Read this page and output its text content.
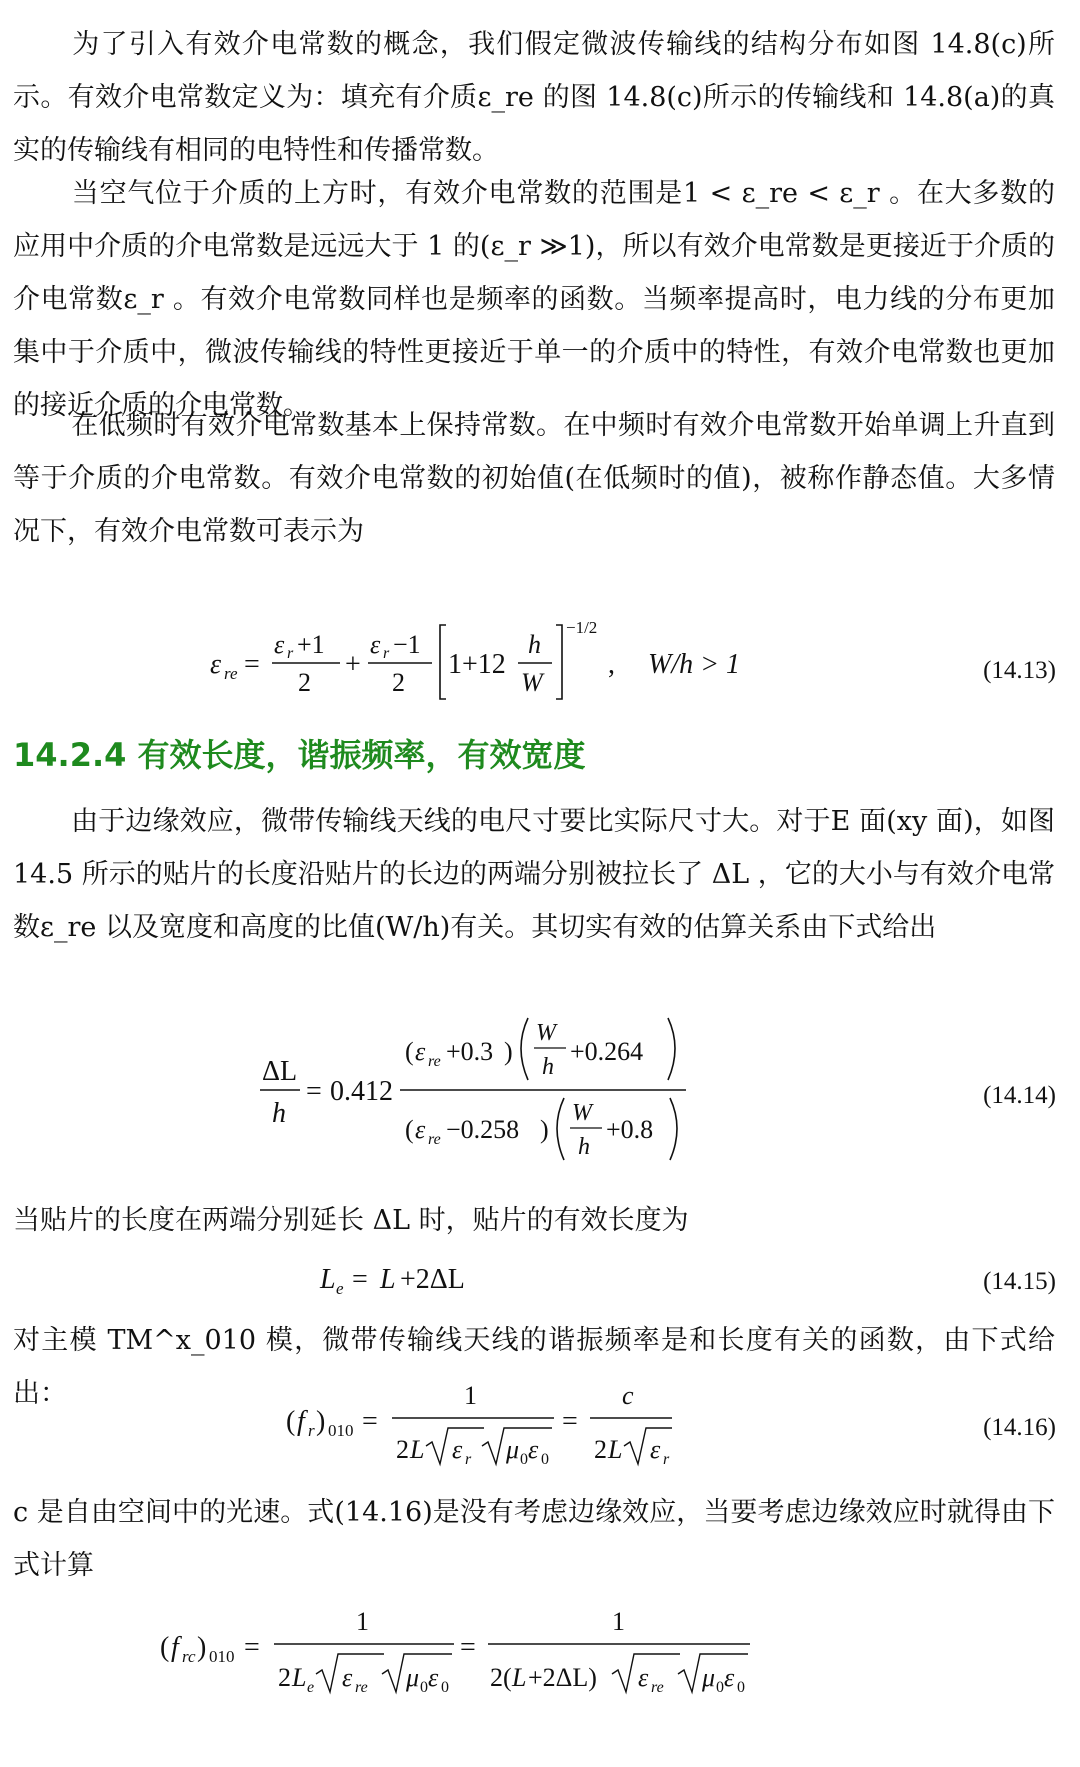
为了引入有效介电常数的概念，我们假定微波传输线的结构分布如图 14.8(c)所示。有效介电常数定义为：填充有介质ε_re 的图 14.8(c)所示的传输线和 14.8(a)的真实的传输线有相同的电特性和传播常数。

当空气位于介质的上方时，有效介电常数的范围是1 < ε_re < ε_r 。在大多数的应用中介质的介电常数是远远大于 1 的(ε_r ≫1)，所以有效介电常数是更接近于介质的介电常数ε_r 。有效介电常数同样也是频率的函数。当频率提高时，电力线的分布更加集中于介质中，微波传输线的特性更接近于单一的介质中的特性，有效介电常数也更加的接近介质的介电常数。

在低频时有效介电常数基本上保持常数。在中频时有效介电常数开始单调上升直到等于介质的介电常数。有效介电常数的初始值(在低频时的值)，被称作静态值。大多情况下，有效介电常数可表示为

ε re =
ε r +1
2
+
ε r −1
2
1+12
h
W
−1/2
, W/h > 1	(14.13)
14.2.4 有效长度，谐振频率，有效宽度

由于边缘效应，微带传输线天线的电尺寸要比实际尺寸大。对于E 面(xy 面)，如图 14.5 所示的贴片的长度沿贴片的长边的两端分别被拉长了 ΔL ，它的大小与有效介电常数ε_re 以及宽度和高度的比值(W/h)有关。其切实有效的估算关系由下式给出

ΔL
h
= 0.412
( ε re +0.3 )
W
h
+0.264
( ε re −0.258 )
W
h
+0.8
(14.14)

当贴片的长度在两端分别延长 ΔL 时，贴片的有效长度为

L e = L +2ΔL	(14.15)

对主模 TM^x_010 模，微带传输线天线的谐振频率是和长度有关的函数，由下式给出：

( f r ) 010 =
1
2 L ε r μ 0 ε 0
=
c
2 L ε r
(14.16)

c 是自由空间中的光速。式(14.16)是没有考虑边缘效应，当要考虑边缘效应时就得由下式计算

( f rc ) 010 =
1
2 L e ε re μ 0 ε 0
=
1
2( L +2ΔL) ε re μ 0 ε 0
